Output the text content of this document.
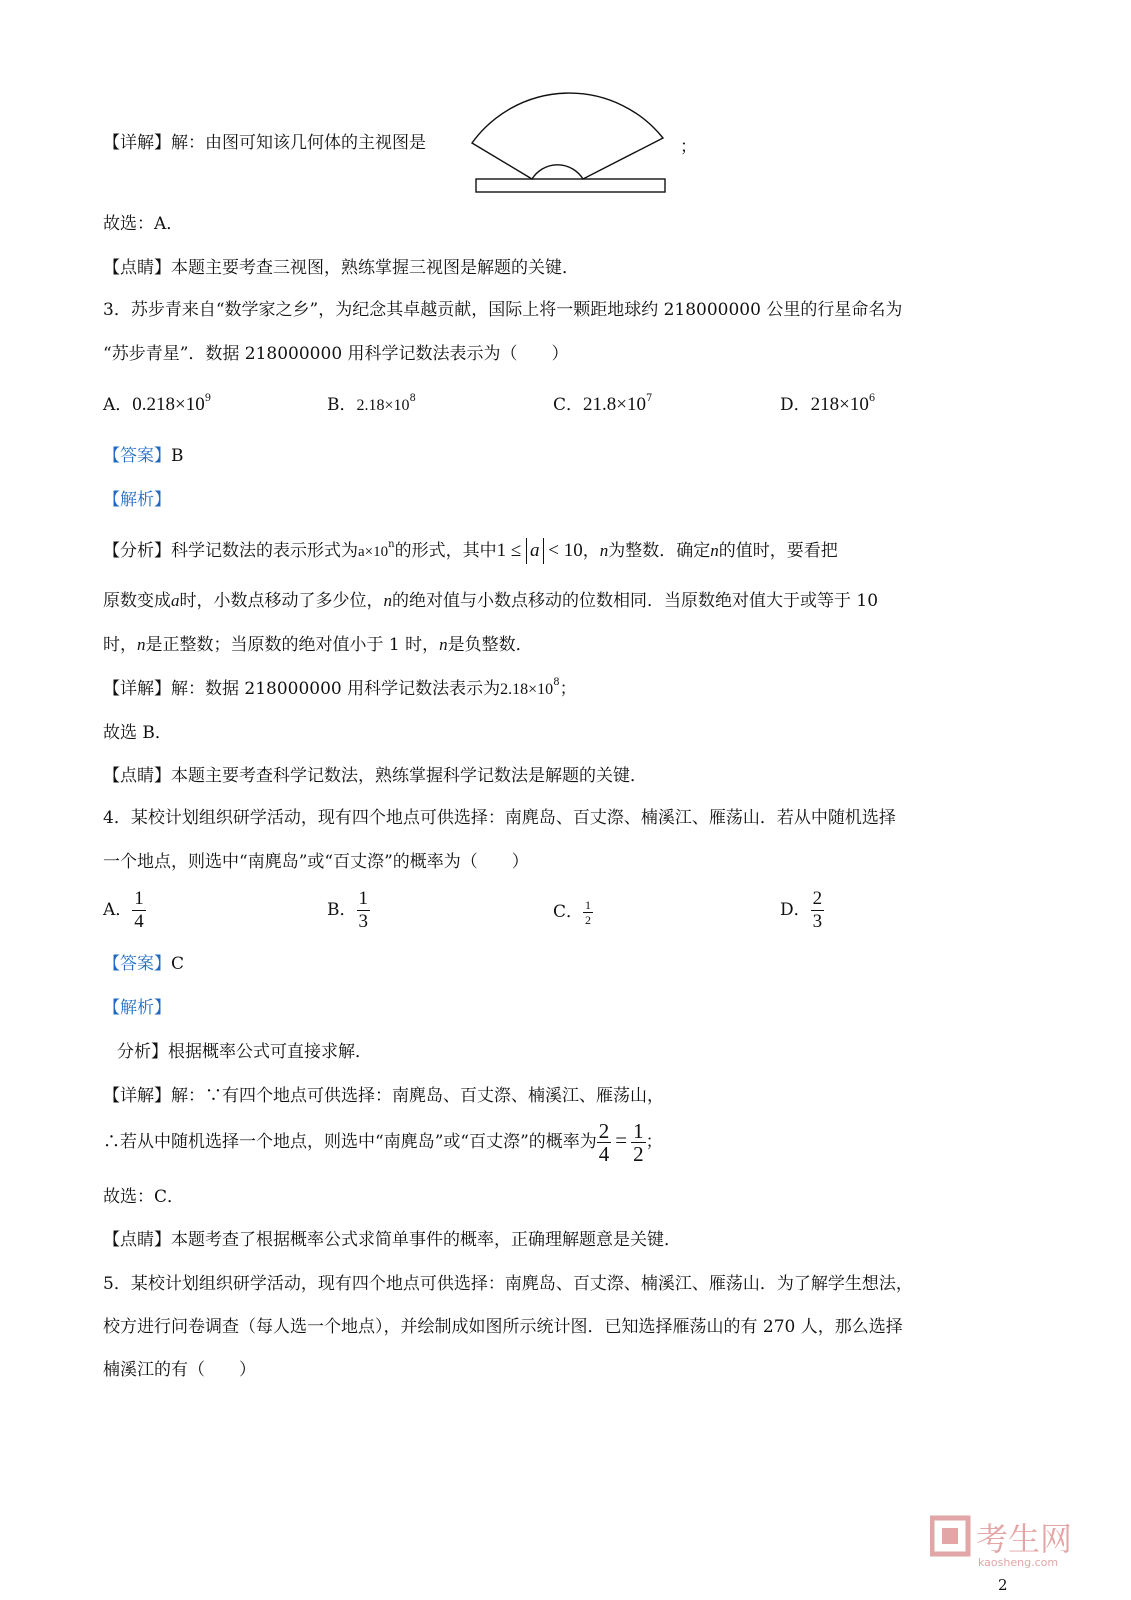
【详解】解：由图可知该几何体的主视图是	；
故选：A．
【点睛】本题主要考查三视图，熟练掌握三视图是解题的关键．
3．苏步青来自“数学家之乡”，为纪念其卓越贡献，国际上将一颗距地球约 218000000 公里的行星命名为
“苏步青星”．数据 218000000 用科学记数法表示为（　　）
A．$0.218\times 10^9$	B．$2.18\times 10^8$	C．$21.8\times 10^7$	D．$218\times 10^6$
【答案】B
【解析】
【分析】科学记数法的表示形式为$a\times 10^n$的形式，其中1 ≤ a < 10，n为整数．确定n的值时，要看把
原数变成a时，小数点移动了多少位，n的绝对值与小数点移动的位数相同．当原数绝对值大于或等于 10
时，n是正整数；当原数的绝对值小于 1 时，n是负整数．
【详解】解：数据 218000000 用科学记数法表示为$2.18\times 10^8$；
故选 B．
【点睛】本题主要考查科学记数法，熟练掌握科学记数法是解题的关键．
4．某校计划组织研学活动，现有四个地点可供选择：南麂岛、百丈漈、楠溪江、雁荡山．若从中随机选择
一个地点，则选中“南麂岛”或“百丈漈”的概率为（　　）
A． $\frac{1}{4}$	B． $\frac{1}{3}$	C． $\frac{1}{2}$	D． $\frac{2}{3}$
【答案】C
【解析】
分析】根据概率公式可直接求解．
【详解】解：∵有四个地点可供选择：南麂岛、百丈漈、楠溪江、雁荡山，
∴若从中随机选择一个地点，则选中“南麂岛”或“百丈漈”的概率为 $\frac{2}{4} = \frac{1}{2}$ ；
故选：C．
【点睛】本题考查了根据概率公式求简单事件的概率，正确理解题意是关键．
5．某校计划组织研学活动，现有四个地点可供选择：南麂岛、百丈漈、楠溪江、雁荡山．为了解学生想法，
校方进行问卷调查（每人选一个地点），并绘制成如图所示统计图．已知选择雁荡山的有 270 人，那么选择
楠溪江的有（　　）
考生网
kaosheng.com
2
